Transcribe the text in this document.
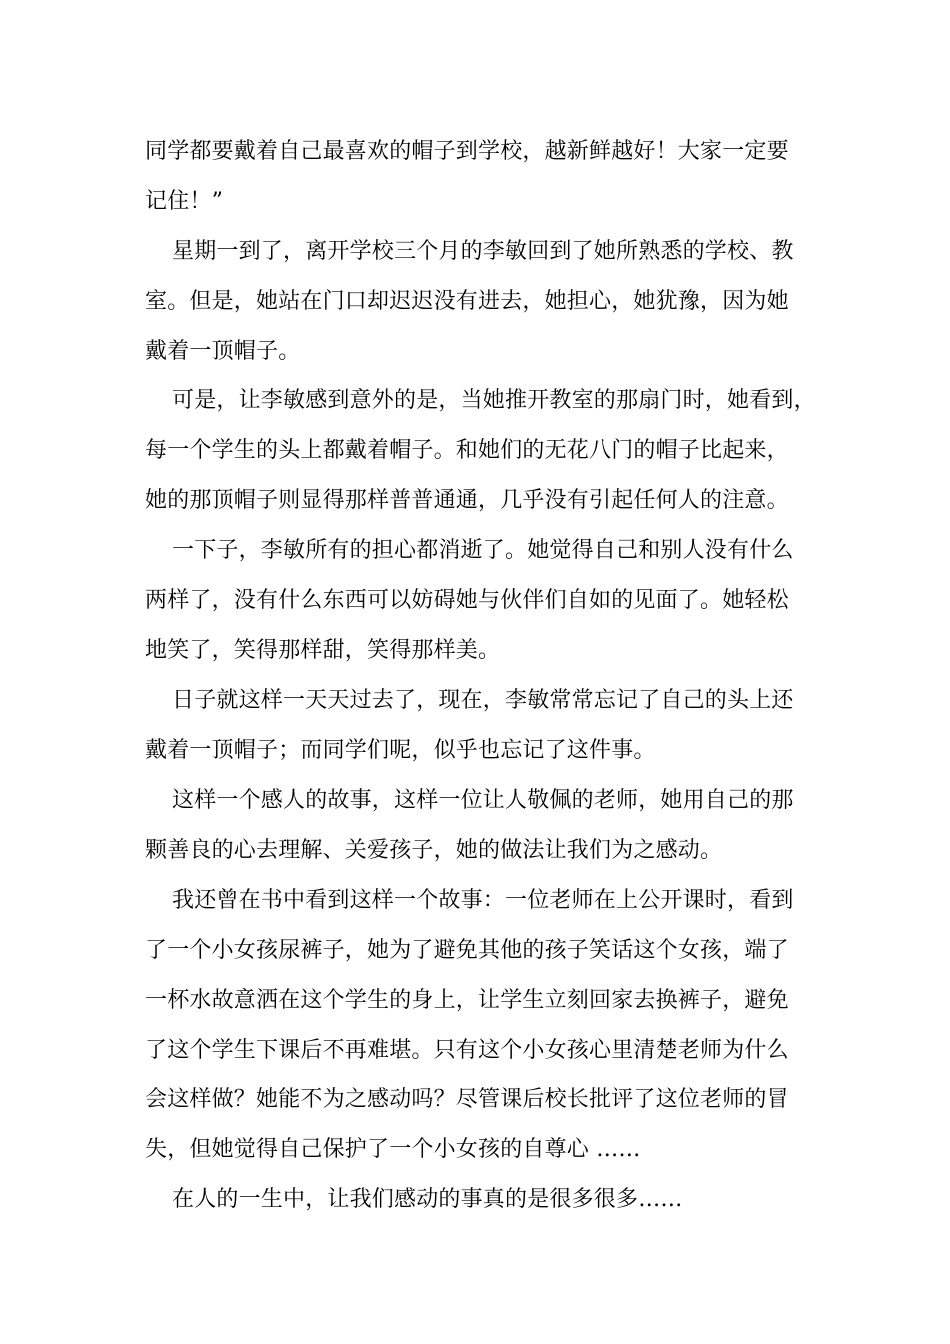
同学都要戴着自己最喜欢的帽子到学校，越新鲜越好！大家一定要

记住！”

星期一到了，离开学校三个月的李敏回到了她所熟悉的学校、教

室。但是，她站在门口却迟迟没有进去，她担心，她犹豫，因为她

戴着一顶帽子。

可是，让李敏感到意外的是，当她推开教室的那扇门时，她看到，

每一个学生的头上都戴着帽子。和她们的无花八门的帽子比起来，

她的那顶帽子则显得那样普普通通，几乎没有引起任何人的注意。

一下子，李敏所有的担心都消逝了。她觉得自己和别人没有什么

两样了，没有什么东西可以妨碍她与伙伴们自如的见面了。她轻松

地笑了，笑得那样甜，笑得那样美。

日子就这样一天天过去了，现在，李敏常常忘记了自己的头上还

戴着一顶帽子；而同学们呢，似乎也忘记了这件事。

这样一个感人的故事，这样一位让人敬佩的老师，她用自己的那

颗善良的心去理解、关爱孩子，她的做法让我们为之感动。

我还曾在书中看到这样一个故事：一位老师在上公开课时，看到

了一个小女孩尿裤子，她为了避免其他的孩子笑话这个女孩，端了

一杯水故意洒在这个学生的身上，让学生立刻回家去换裤子，避免

了这个学生下课后不再难堪。只有这个小女孩心里清楚老师为什么

会这样做？她能不为之感动吗？尽管课后校长批评了这位老师的冒

失，但她觉得自己保护了一个小女孩的自尊心 ……

在人的一生中，让我们感动的事真的是很多很多……
